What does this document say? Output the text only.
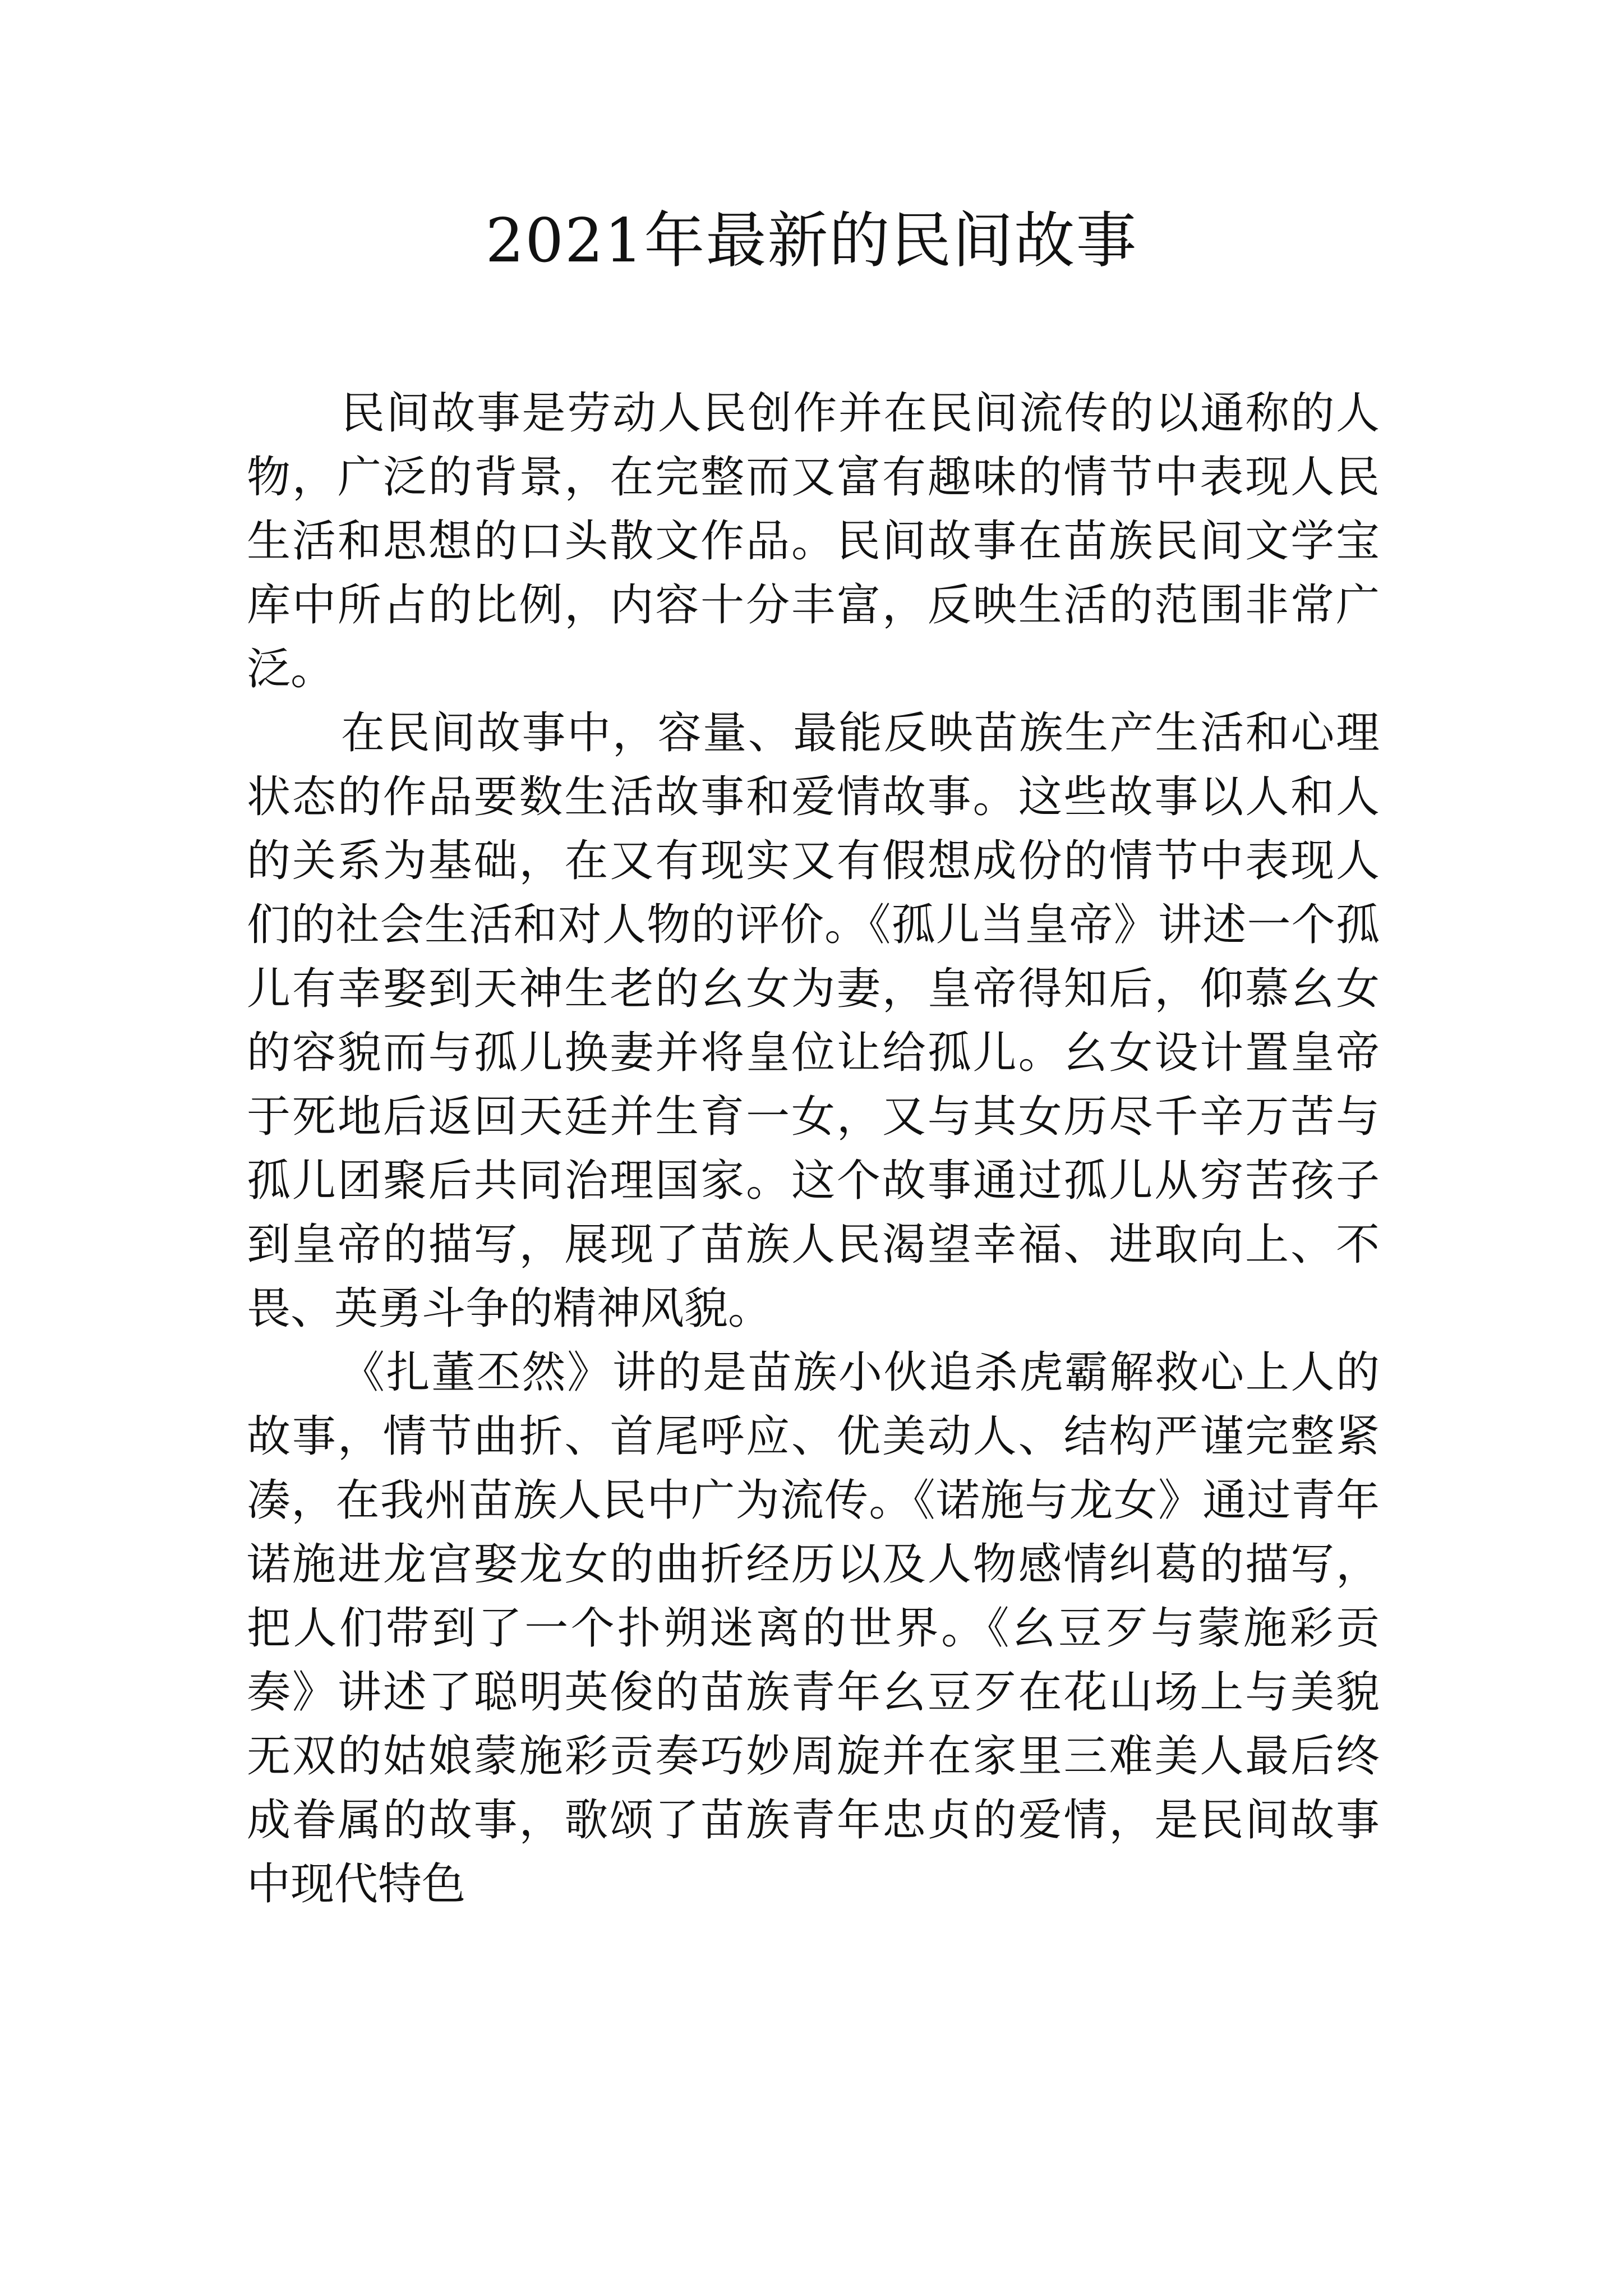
2021年最新的民间故事

民间故事是劳动人民创作并在民间流传的以通称的人物，广泛的背景，在完整而又富有趣味的情节中表现人民生活和思想的口头散文作品。民间故事在苗族民间文学宝库中所占的比例，内容十分丰富，反映生活的范围非常广泛。

在民间故事中，容量、最能反映苗族生产生活和心理状态的作品要数生活故事和爱情故事。这些故事以人和人的关系为基础，在又有现实又有假想成份的情节中表现人们的社会生活和对人物的评价。《孤儿当皇帝》讲述一个孤儿有幸娶到天神生老的幺女为妻，皇帝得知后，仰慕幺女的容貌而与孤儿换妻并将皇位让给孤儿。幺女设计置皇帝于死地后返回天廷并生育一女，又与其女历尽千辛万苦与孤儿团聚后共同治理国家。这个故事通过孤儿从穷苦孩子到皇帝的描写，展现了苗族人民渴望幸福、进取向上、不畏、英勇斗争的精神风貌。

《扎董丕然》讲的是苗族小伙追杀虎霸解救心上人的故事，情节曲折、首尾呼应、优美动人、结构严谨完整紧凑，在我州苗族人民中广为流传。《诺施与龙女》通过青年诺施进龙宫娶龙女的曲折经历以及人物感情纠葛的描写，把人们带到了一个扑朔迷离的世界。《幺豆歹与蒙施彩贡奏》讲述了聪明英俊的苗族青年幺豆歹在花山场上与美貌无双的姑娘蒙施彩贡奏巧妙周旋并在家里三难美人最后终成眷属的故事，歌颂了苗族青年忠贞的爱情，是民间故事中现代特色
